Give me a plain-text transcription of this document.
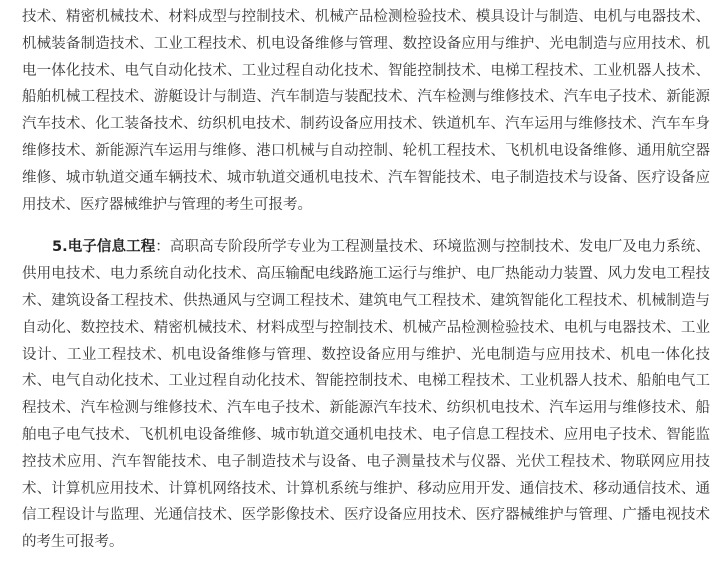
技术、精密机械技术、材料成型与控制技术、机械产品检测检验技术、模具设计与制造、电机与电器技术、机械装备制造技术、工业工程技术、机电设备维修与管理、数控设备应用与维护、光电制造与应用技术、机电一体化技术、电气自动化技术、工业过程自动化技术、智能控制技术、电梯工程技术、工业机器人技术、船舶机械工程技术、游艇设计与制造、汽车制造与装配技术、汽车检测与维修技术、汽车电子技术、新能源汽车技术、化工装备技术、纺织机电技术、制药设备应用技术、铁道机车、汽车运用与维修技术、汽车车身维修技术、新能源汽车运用与维修、港口机械与自动控制、轮机工程技术、飞机机电设备维修、通用航空器维修、城市轨道交通车辆技术、城市轨道交通机电技术、汽车智能技术、电子制造技术与设备、医疗设备应用技术、医疗器械维护与管理的考生可报考。

5.电子信息工程：高职高专阶段所学专业为工程测量技术、环境监测与控制技术、发电厂及电力系统、供用电技术、电力系统自动化技术、高压输配电线路施工运行与维护、电厂热能动力装置、风力发电工程技术、建筑设备工程技术、供热通风与空调工程技术、建筑电气工程技术、建筑智能化工程技术、机械制造与自动化、数控技术、精密机械技术、材料成型与控制技术、机械产品检测检验技术、电机与电器技术、工业设计、工业工程技术、机电设备维修与管理、数控设备应用与维护、光电制造与应用技术、机电一体化技术、电气自动化技术、工业过程自动化技术、智能控制技术、电梯工程技术、工业机器人技术、船舶电气工程技术、汽车检测与维修技术、汽车电子技术、新能源汽车技术、纺织机电技术、汽车运用与维修技术、船舶电子电气技术、飞机机电设备维修、城市轨道交通机电技术、电子信息工程技术、应用电子技术、智能监控技术应用、汽车智能技术、电子制造技术与设备、电子测量技术与仪器、光伏工程技术、物联网应用技术、计算机应用技术、计算机网络技术、计算机系统与维护、移动应用开发、通信技术、移动通信技术、通信工程设计与监理、光通信技术、医学影像技术、医疗设备应用技术、医疗器械维护与管理、广播电视技术的考生可报考。
